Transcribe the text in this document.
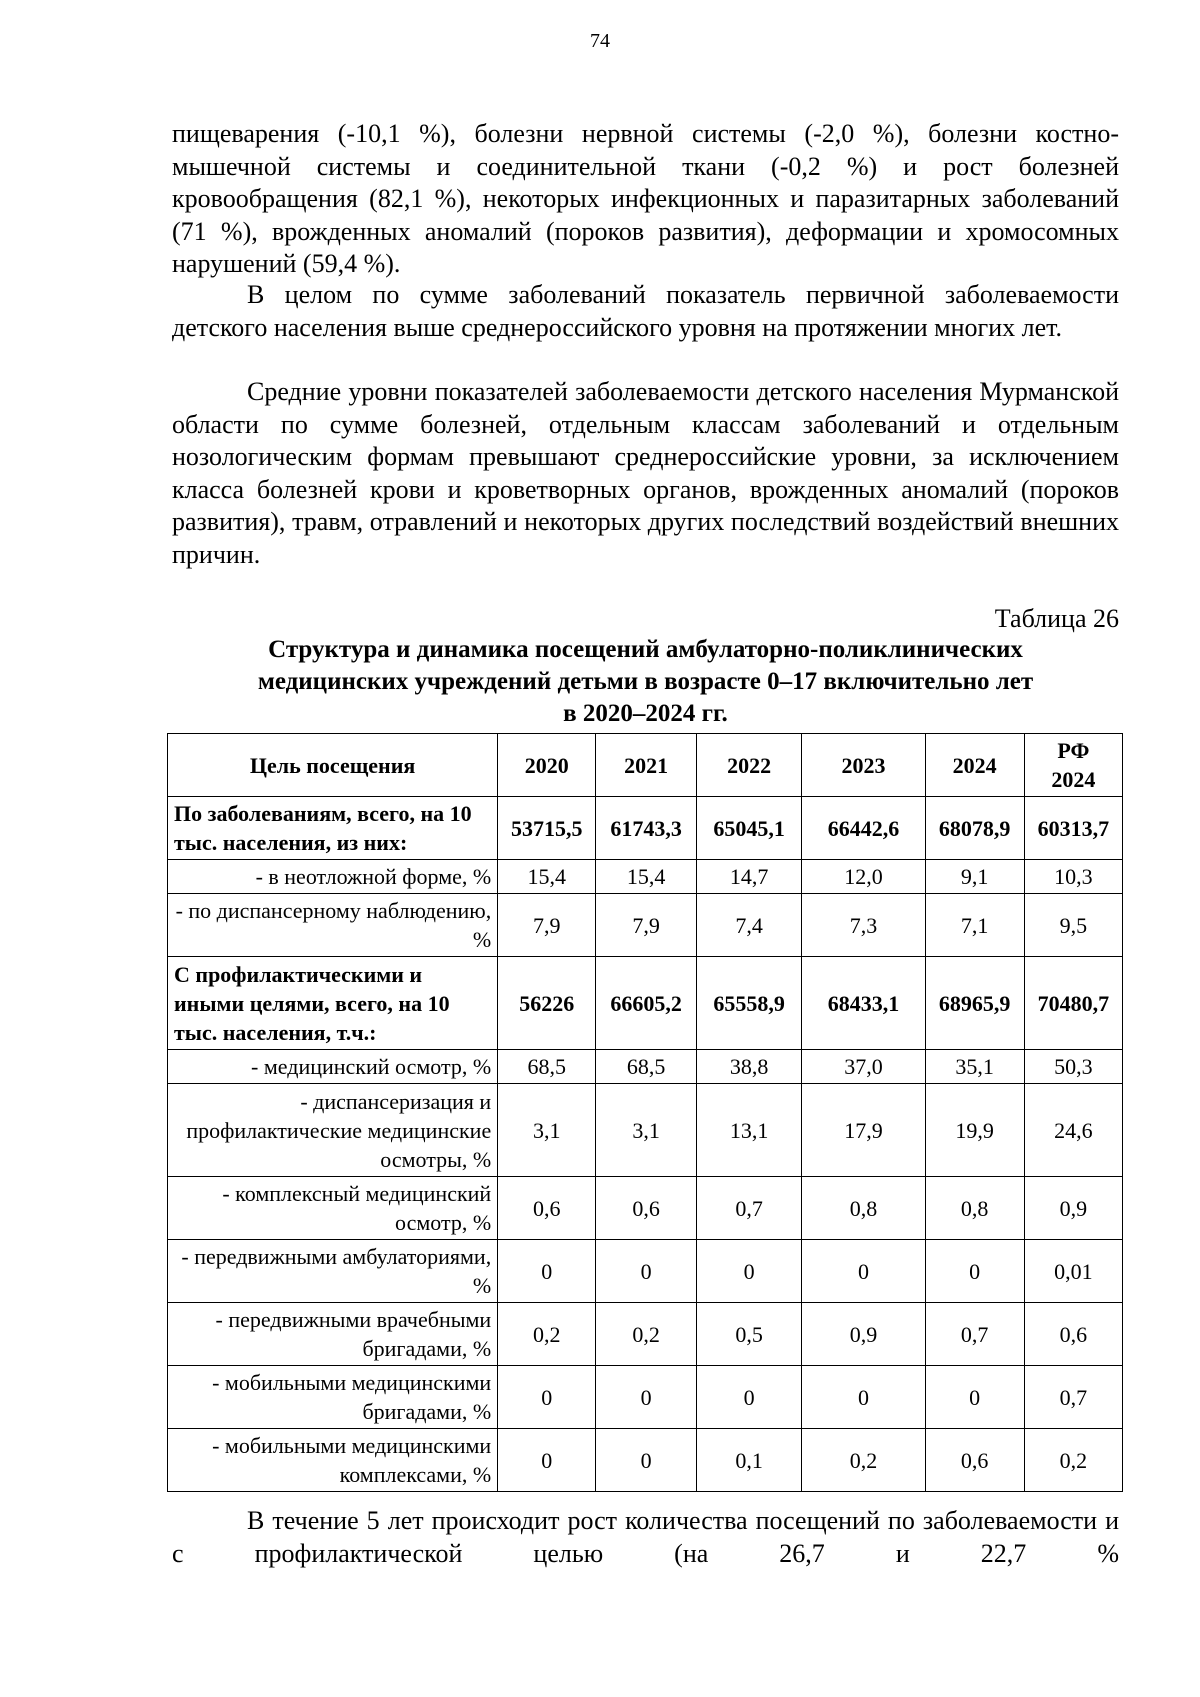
74

пищеварения (-10,1 %), болезни нервной системы (-2,0 %), болезни костно-мышечной системы и соединительной ткани (-0,2 %) и рост болезней кровообращения (82,1 %), некоторых инфекционных и паразитарных заболеваний (71 %), врожденных аномалий (пороков развития), деформации и хромосомных нарушений (59,4 %).

В целом по сумме заболеваний показатель первичной заболеваемости детского населения выше среднероссийского уровня на протяжении многих лет.

Средние уровни показателей заболеваемости детского населения Мурманской области по сумме болезней, отдельным классам заболеваний и отдельным нозологическим формам превышают среднероссийские уровни, за исключением класса болезней крови и кроветворных органов, врожденных аномалий (пороков развития), травм, отравлений и некоторых других последствий воздействий внешних причин.

Таблица 26
Структура и динамика посещений амбулаторно-поликлинических
медицинских учреждений детьми в возрасте 0–17 включительно лет
в 2020–2024 гг.
Цель посещения	2020	2021	2022	2023	2024	РФ 2024
По заболеваниям, всего, на 10 тыс. населения, из них:	53715,5	61743,3	65045,1	66442,6	68078,9	60313,7
- в неотложной форме, %	15,4	15,4	14,7	12,0	9,1	10,3
- по диспансерному наблюдению, %	7,9	7,9	7,4	7,3	7,1	9,5
С профилактическими и иными целями, всего, на 10 тыс. населения, т.ч.:	56226	66605,2	65558,9	68433,1	68965,9	70480,7
- медицинский осмотр, %	68,5	68,5	38,8	37,0	35,1	50,3
- диспансеризация и профилактические медицинские осмотры, %	3,1	3,1	13,1	17,9	19,9	24,6
- комплексный медицинский осмотр, %	0,6	0,6	0,7	0,8	0,8	0,9
- передвижными амбулаториями, %	0	0	0	0	0	0,01
- передвижными врачебными бригадами, %	0,2	0,2	0,5	0,9	0,7	0,6
- мобильными медицинскими бригадами, %	0	0	0	0	0	0,7
- мобильными медицинскими комплексами, %	0	0	0,1	0,2	0,6	0,2

В течение 5 лет происходит рост количества посещений по заболеваемости и с профилактической целью (на 26,7 и 22,7 %
